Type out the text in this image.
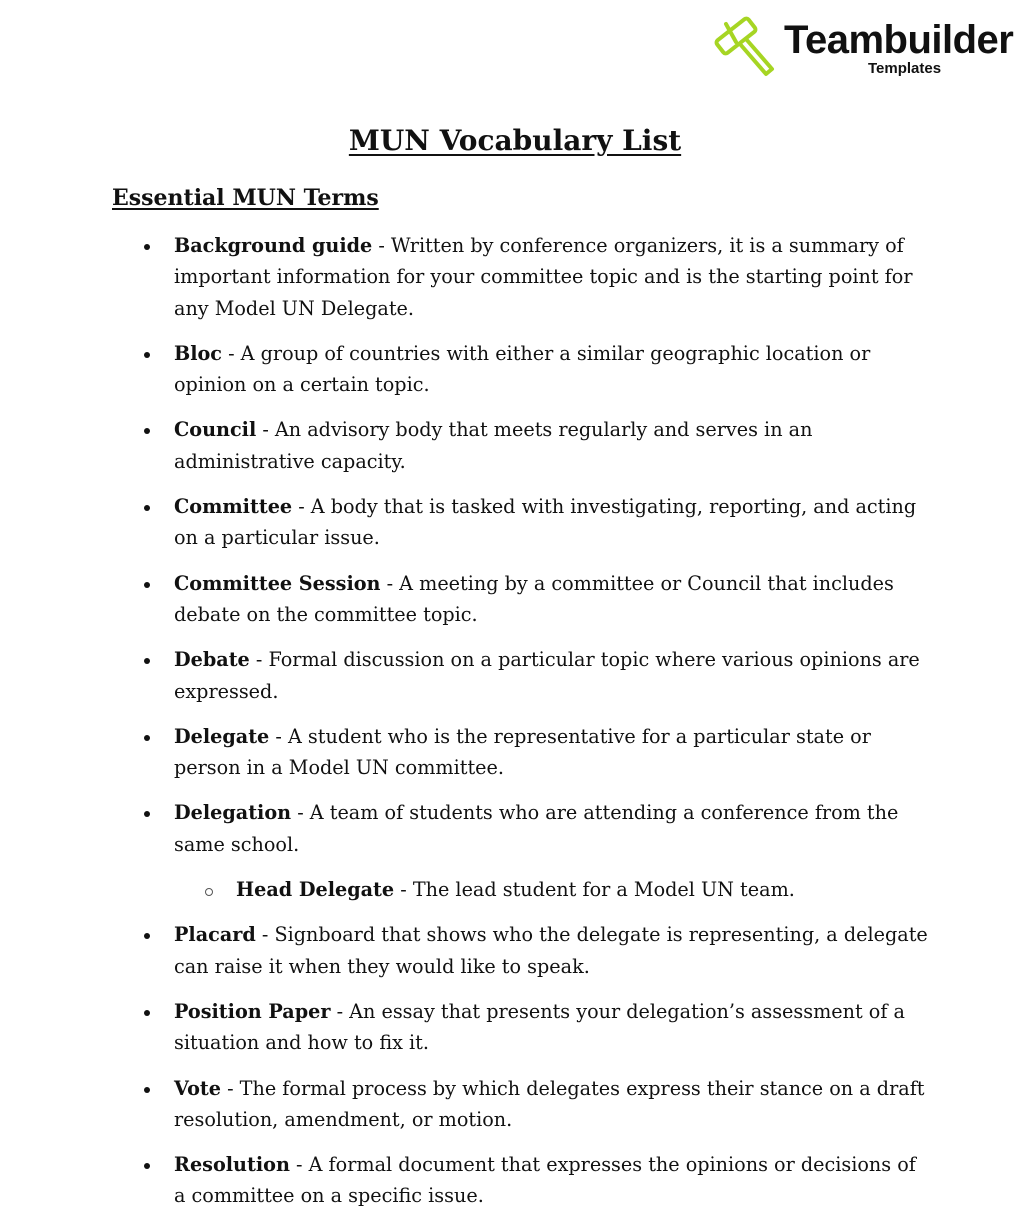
Teambuilder
Templates
MUN Vocabulary List
Essential MUN Terms
Background guide - Written by conference organizers, it is a summary of important information for your committee topic and is the starting point for any Model UN Delegate.
Bloc - A group of countries with either a similar geographic location or opinion on a certain topic.
Council - An advisory body that meets regularly and serves in an administrative capacity.
Committee - A body that is tasked with investigating, reporting, and acting on a particular issue.
Committee Session - A meeting by a committee or Council that includes debate on the committee topic.
Debate - Formal discussion on a particular topic where various opinions are expressed.
Delegate - A student who is the representative for a particular state or person in a Model UN committee.
Delegation - A team of students who are attending a conference from the same school.
Head Delegate - The lead student for a Model UN team.
Placard - Signboard that shows who the delegate is representing, a delegate can raise it when they would like to speak.
Position Paper - An essay that presents your delegation’s assessment of a situation and how to fix it.
Vote - The formal process by which delegates express their stance on a draft resolution, amendment, or motion.
Resolution - A formal document that expresses the opinions or decisions of a committee on a specific issue.
